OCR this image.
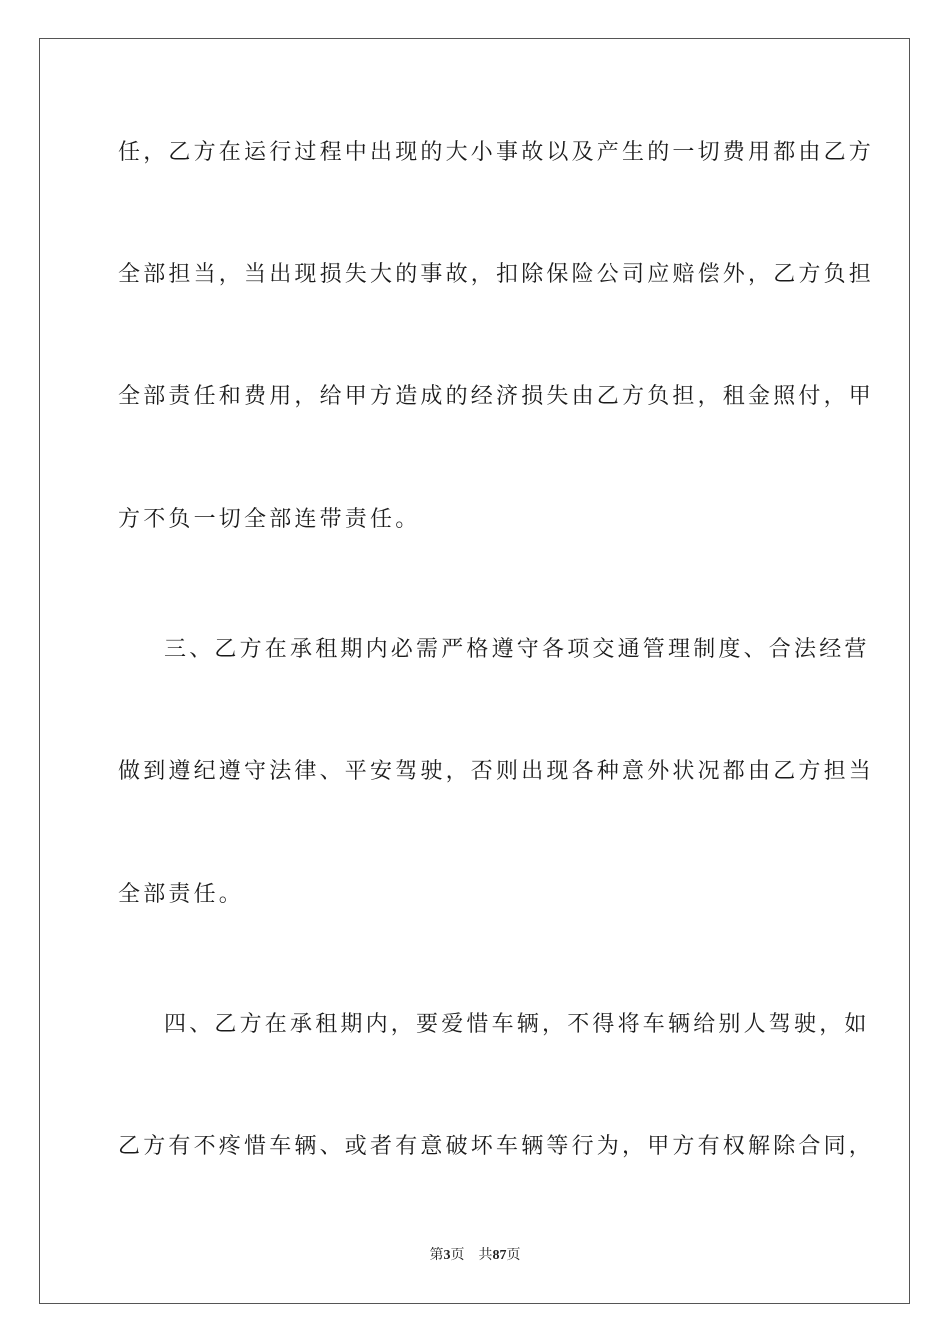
任，乙方在运行过程中出现的大小事故以及产生的一切费用都由乙方
全部担当，当出现损失大的事故，扣除保险公司应赔偿外，乙方负担
全部责任和费用，给甲方造成的经济损失由乙方负担，租金照付，甲
方不负一切全部连带责任。
三、乙方在承租期内必需严格遵守各项交通管理制度、合法经营
做到遵纪遵守法律、平安驾驶，否则出现各种意外状况都由乙方担当
全部责任。
四、乙方在承租期内，要爱惜车辆，不得将车辆给别人驾驶，如
乙方有不疼惜车辆、或者有意破坏车辆等行为，甲方有权解除合同，
第3页 共87页
